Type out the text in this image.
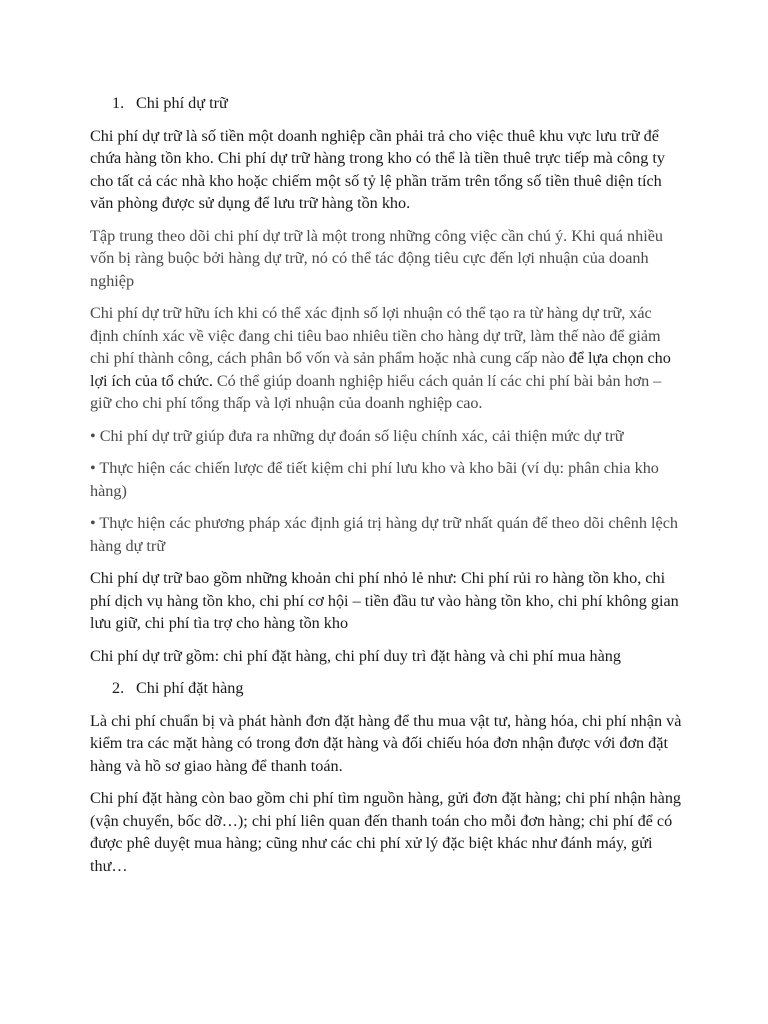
1. Chi phí dự trữ

Chi phí dự trữ là số tiền một doanh nghiệp cần phải trả cho việc thuê khu vực lưu trữ để chứa hàng tồn kho. Chi phí dự trữ hàng trong kho có thể là tiền thuê trực tiếp mà công ty cho tất cả các nhà kho hoặc chiếm một số tỷ lệ phần trăm trên tổng số tiền thuê diện tích văn phòng được sử dụng để lưu trữ hàng tồn kho.

Tập trung theo dõi chi phí dự trữ là một trong những công việc cần chú ý. Khi quá nhiều vốn bị ràng buộc bởi hàng dự trữ, nó có thể tác động tiêu cực đến lợi nhuận của doanh nghiệp

Chi phí dự trữ hữu ích khi có thể xác định số lợi nhuận có thể tạo ra từ hàng dự trữ, xác định chính xác về việc đang chi tiêu bao nhiêu tiền cho hàng dự trữ, làm thế nào để giảm chi phí thành công, cách phân bổ vốn và sản phẩm hoặc nhà cung cấp nào để lựa chọn cho lợi ích của tổ chức. Có thể giúp doanh nghiệp hiểu cách quản lí các chi phí bài bản hơn – giữ cho chi phí tổng thấp và lợi nhuận của doanh nghiệp cao.

• Chi phí dự trữ giúp đưa ra những dự đoán số liệu chính xác, cải thiện mức dự trữ

• Thực hiện các chiến lược để tiết kiệm chi phí lưu kho và kho bãi (ví dụ: phân chia kho hàng)

• Thực hiện các phương pháp xác định giá trị hàng dự trữ nhất quán để theo dõi chênh lệch hàng dự trữ

Chi phí dự trữ bao gồm những khoản chi phí nhỏ lẻ như: Chi phí rủi ro hàng tồn kho, chi phí dịch vụ hàng tồn kho, chi phí cơ hội – tiền đầu tư vào hàng tồn kho, chi phí không gian lưu giữ, chi phí tìa trợ cho hàng tồn kho

Chi phí dự trữ gồm: chi phí đặt hàng, chi phí duy trì đặt hàng và chi phí mua hàng

2. Chi phí đặt hàng

Là chi phí chuẩn bị và phát hành đơn đặt hàng để thu mua vật tư, hàng hóa, chi phí nhận và kiểm tra các mặt hàng có trong đơn đặt hàng và đối chiếu hóa đơn nhận được với đơn đặt hàng và hồ sơ giao hàng để thanh toán.

Chi phí đặt hàng còn bao gồm chi phí tìm nguồn hàng, gửi đơn đặt hàng; chi phí nhận hàng (vận chuyển, bốc dỡ…); chi phí liên quan đến thanh toán cho mỗi đơn hàng; chi phí để có được phê duyệt mua hàng; cũng như các chi phí xử lý đặc biệt khác như đánh máy, gửi thư…
